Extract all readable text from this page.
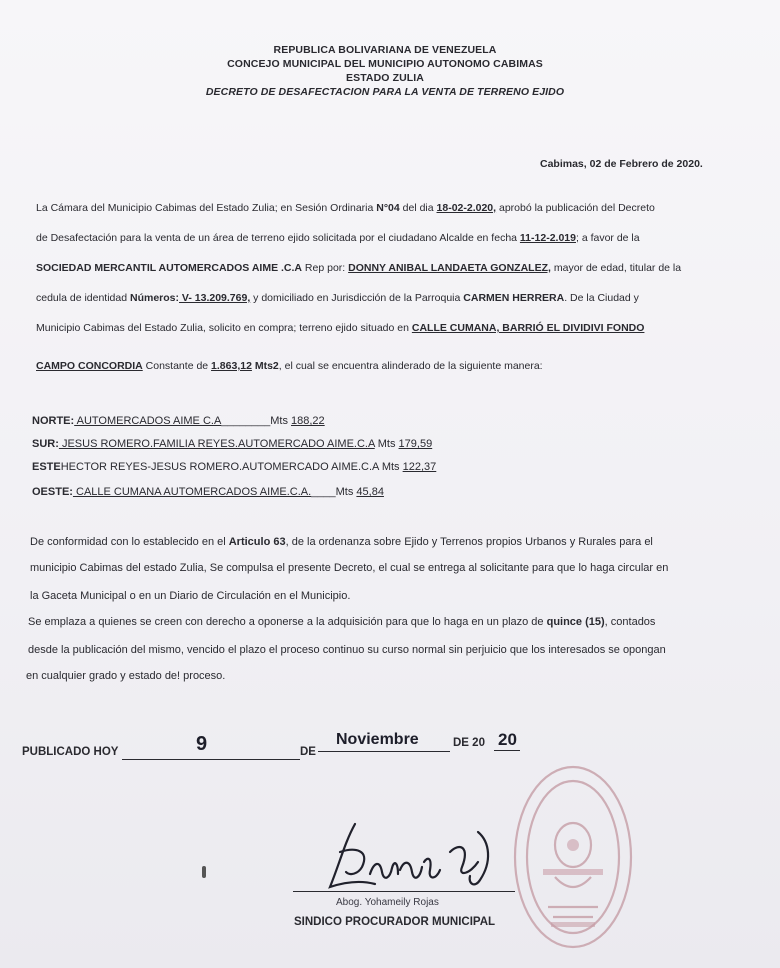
REPUBLICA BOLIVARIANA DE VENEZUELA
CONCEJO MUNICIPAL DEL MUNICIPIO AUTONOMO CABIMAS
ESTADO ZULIA
DECRETO DE DESAFECTACION PARA LA VENTA DE TERRENO EJIDO
Cabimas, 02 de Febrero de 2020.
La Cámara del Municipio Cabimas del Estado Zulia; en Sesión Ordinaria N°04 del dia 18-02-2.020, aprobó la publicación del Decreto
de Desafectación para la venta de un área de terreno ejido solicitada por el ciudadano Alcalde en fecha 11-12-2.019; a favor de la
SOCIEDAD MERCANTIL AUTOMERCADOS AIME .C.A Rep por: DONNY ANIBAL LANDAETA GONZALEZ, mayor de edad, titular de la
cedula de identidad Números: V- 13.209.769, y domiciliado en Jurisdicción de la Parroquia CARMEN HERRERA. De la Ciudad y
Municipio Cabimas del Estado Zulia, solicito en compra; terreno ejido situado en CALLE CUMANA, BARRIÓ EL DIVIDIVI FONDO
CAMPO CONCORDIA Constante de 1.863,12 Mts2, el cual se encuentra alinderado de la siguiente manera:
NORTE: AUTOMERCADOS AIME C.A________Mts 188,22
SUR: JESUS ROMERO.FAMILIA REYES.AUTOMERCADO AIME.C.A Mts 179,59
ESTEHECTOR REYES-JESUS ROMERO.AUTOMERCADO AIME.C.A Mts 122,37
OESTE: CALLE CUMANA AUTOMERCADOS AIME.C.A.____Mts 45,84
De conformidad con lo establecido en el Articulo 63, de la ordenanza sobre Ejido y Terrenos propios Urbanos y Rurales para el
municipio Cabimas del estado Zulia, Se compulsa el presente Decreto, el cual se entrega al solicitante para que lo haga circular en
la Gaceta Municipal o en un Diario de Circulación en el Municipio.
Se emplaza a quienes se creen con derecho a oponerse a la adquisición para que lo haga en un plazo de quince (15), contados
desde la publicación del mismo, vencido el plazo el proceso continuo su curso normal sin perjuicio que los interesados se opongan
en cualquier grado y estado de! proceso.
PUBLICADO HOY	9	DE
Noviembre	DE 20 20
Abog. Yohameily Rojas
SINDICO PROCURADOR MUNICIPAL
